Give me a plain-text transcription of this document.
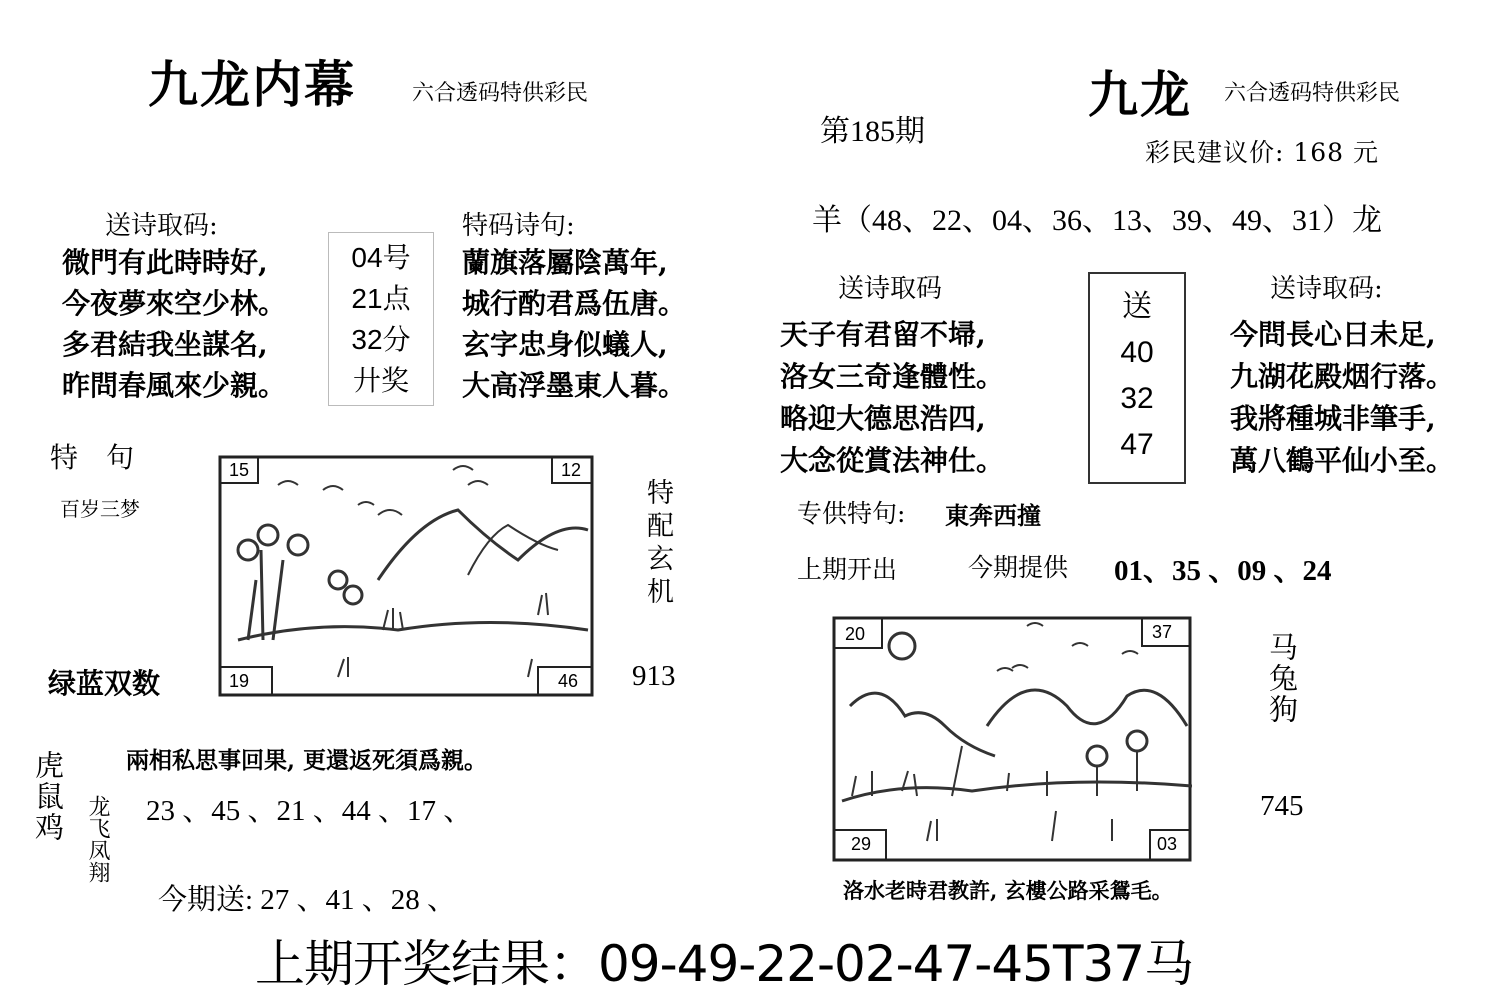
九龙内幕	六合透码特供彩民
送诗取码:
微門有此時時好,
今夜夢來空少林。
多君結我坐謀名,
昨問春風來少親。
04号
21点
32分
廾奖
特码诗句:
蘭旗落屬陰萬年,
城行酌君爲伍唐。
玄字忠身似蟻人,
大高浮墨東人暮。
特　句
百岁三梦
15	12
19	46
特配玄机
913
绿蓝双数
虎鼠鸡 龙飞凤翔
兩相私思事回果, 更還返死須爲親。
23 、45 、21 、44 、17 、
今期送: 27 、41 、28 、
九龙 六合透码特供彩民
第185期
彩民建议价: 168 元
羊（48、22、04、36、13、39、49、31）龙
送诗取码
天子有君留不埽,
洛女三奇逢體性。
略迎大德思浩四,
大念從賞法神仕。
送
40
32
47
送诗取码:
今問長心日未足,
九湖花殿烟行落。
我將種城非筆手,
萬八鶴平仙小至。
专供特句: 東奔西撞
上期开出	今期提供 01、35 、09 、24
20	37
29	03
马兔狗
745
洛水老時君教許, 玄樓公路采鴛毛。
上期开奖结果：09-49-22-02-47-45T37马
